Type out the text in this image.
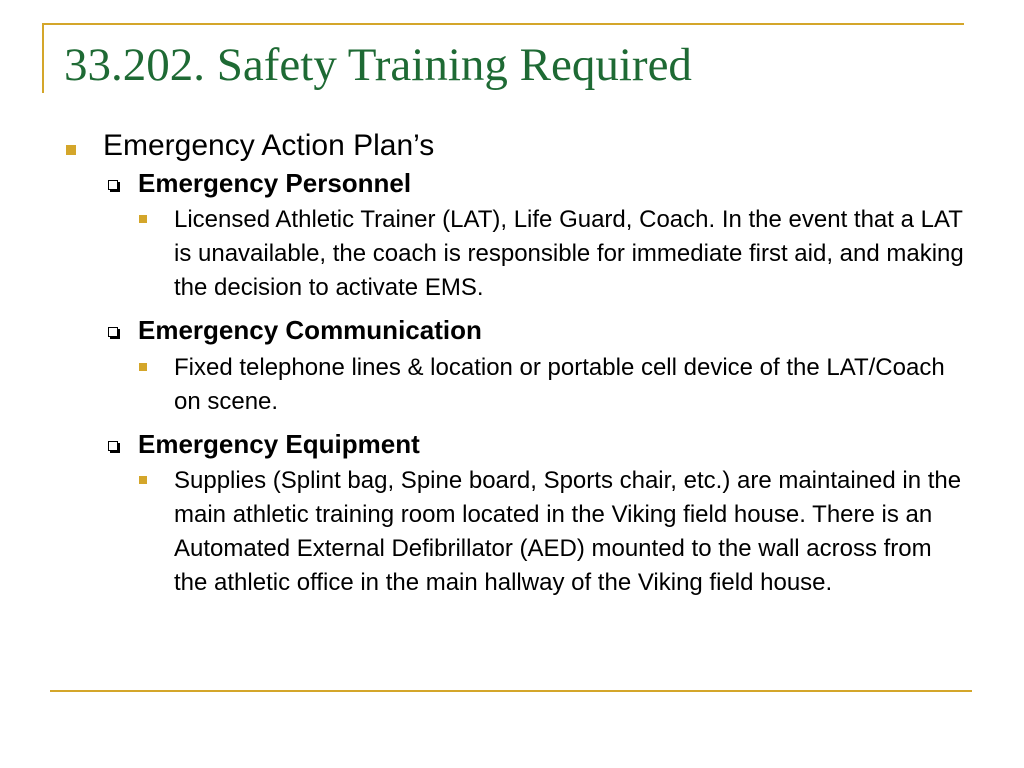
33.202. Safety Training Required
Emergency Action Plan’s
Emergency Personnel
Licensed Athletic Trainer (LAT), Life Guard, Coach. In the event that a LAT is unavailable, the coach is responsible for immediate first aid, and making the decision to activate EMS.
Emergency Communication
Fixed telephone lines & location or portable cell device of the LAT/Coach on scene.
Emergency Equipment
Supplies (Splint bag, Spine board, Sports chair, etc.) are maintained in the main athletic training room located in the Viking field house. There is an Automated External Defibrillator (AED) mounted to the wall across from the athletic office in the main hallway of the Viking field house.
